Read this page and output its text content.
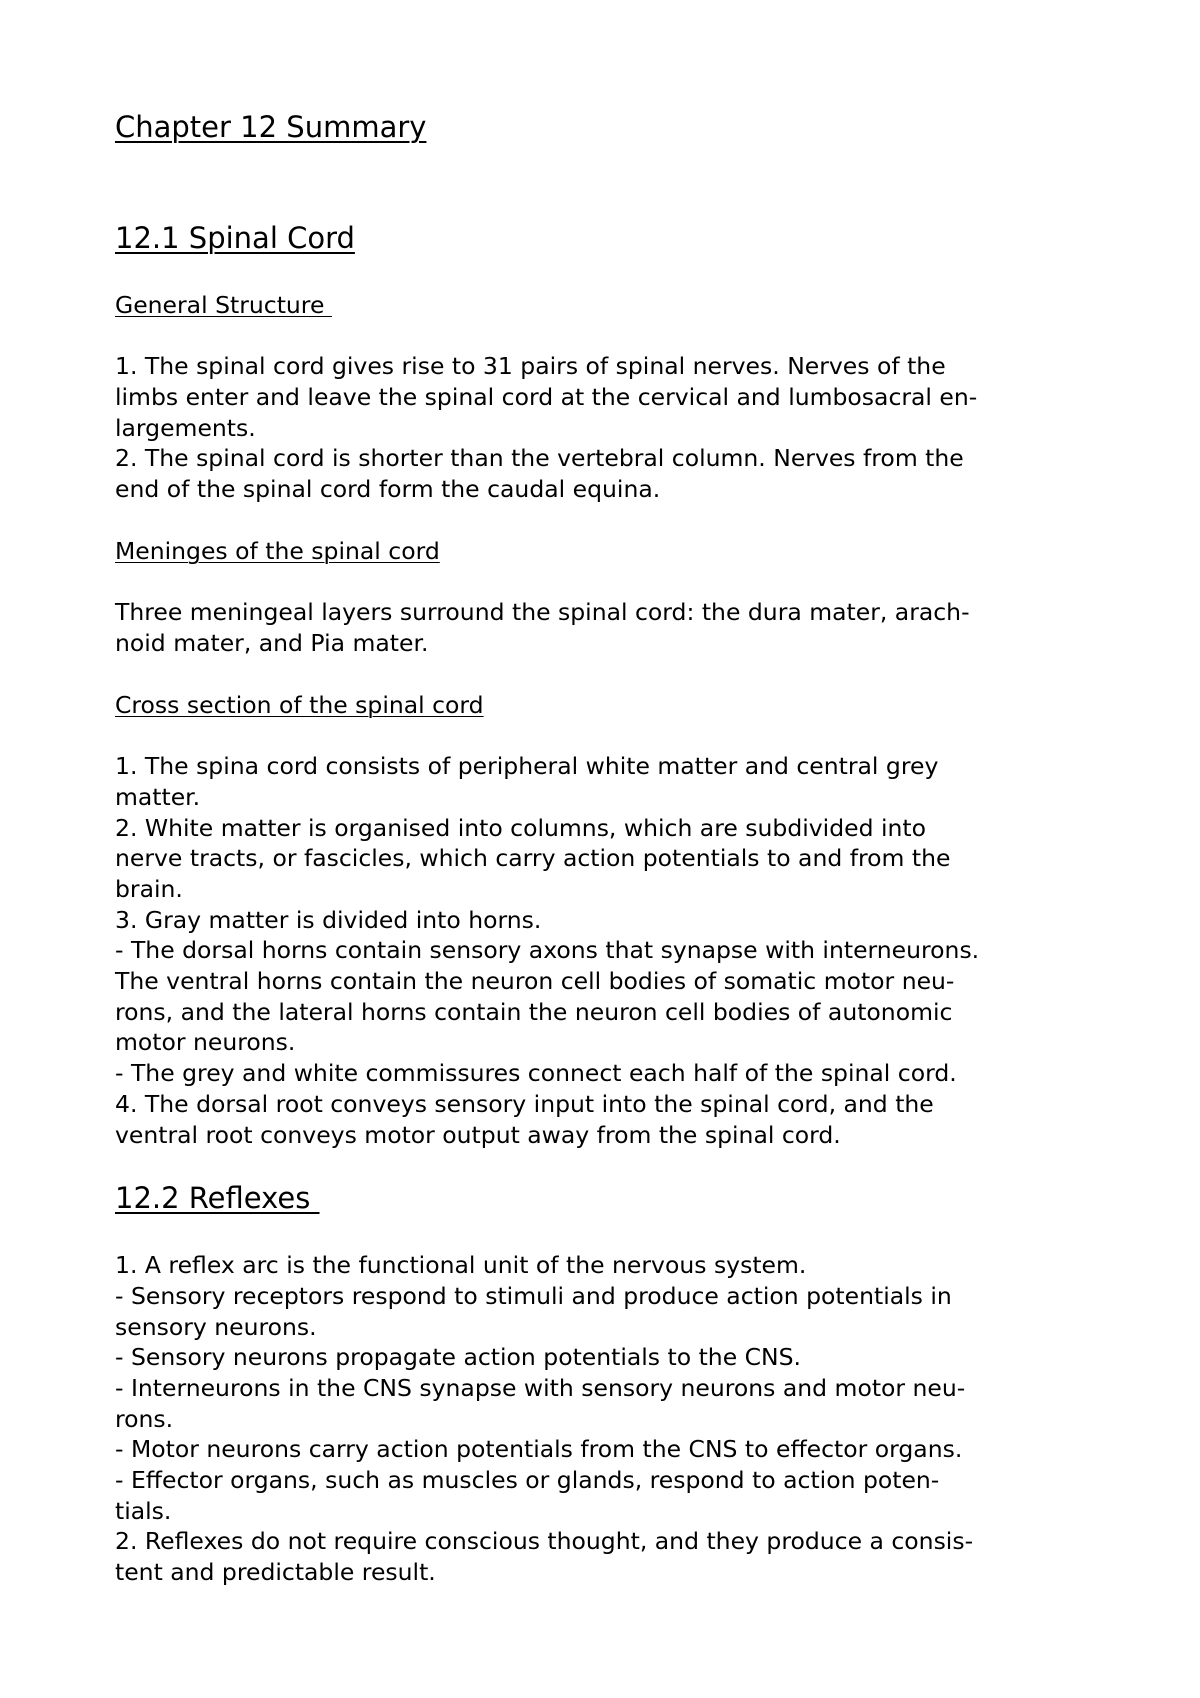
Chapter 12 Summary
12.1 Spinal Cord
General Structure
1. The spinal cord gives rise to 31 pairs of spinal nerves. Nerves of the
limbs enter and leave the spinal cord at the cervical and lumbosacral en-
largements.
2. The spinal cord is shorter than the vertebral column. Nerves from the
end of the spinal cord form the caudal equina.
Meninges of the spinal cord
Three meningeal layers surround the spinal cord: the dura mater, arach-
noid mater, and Pia mater.
Cross section of the spinal cord
1. The spina cord consists of peripheral white matter and central grey
matter.
2. White matter is organised into columns, which are subdivided into
nerve tracts, or fascicles, which carry action potentials to and from the
brain.
3. Gray matter is divided into horns.
- The dorsal horns contain sensory axons that synapse with interneurons.
The ventral horns contain the neuron cell bodies of somatic motor neu-
rons, and the lateral horns contain the neuron cell bodies of autonomic
motor neurons.
- The grey and white commissures connect each half of the spinal cord.
4. The dorsal root conveys sensory input into the spinal cord, and the
ventral root conveys motor output away from the spinal cord.
12.2 Reflexes
1. A reflex arc is the functional unit of the nervous system.
- Sensory receptors respond to stimuli and produce action potentials in
sensory neurons.
- Sensory neurons propagate action potentials to the CNS.
- Interneurons in the CNS synapse with sensory neurons and motor neu-
rons.
- Motor neurons carry action potentials from the CNS to effector organs.
- Effector organs, such as muscles or glands, respond to action poten-
tials.
2. Reflexes do not require conscious thought, and they produce a consis-
tent and predictable result.
